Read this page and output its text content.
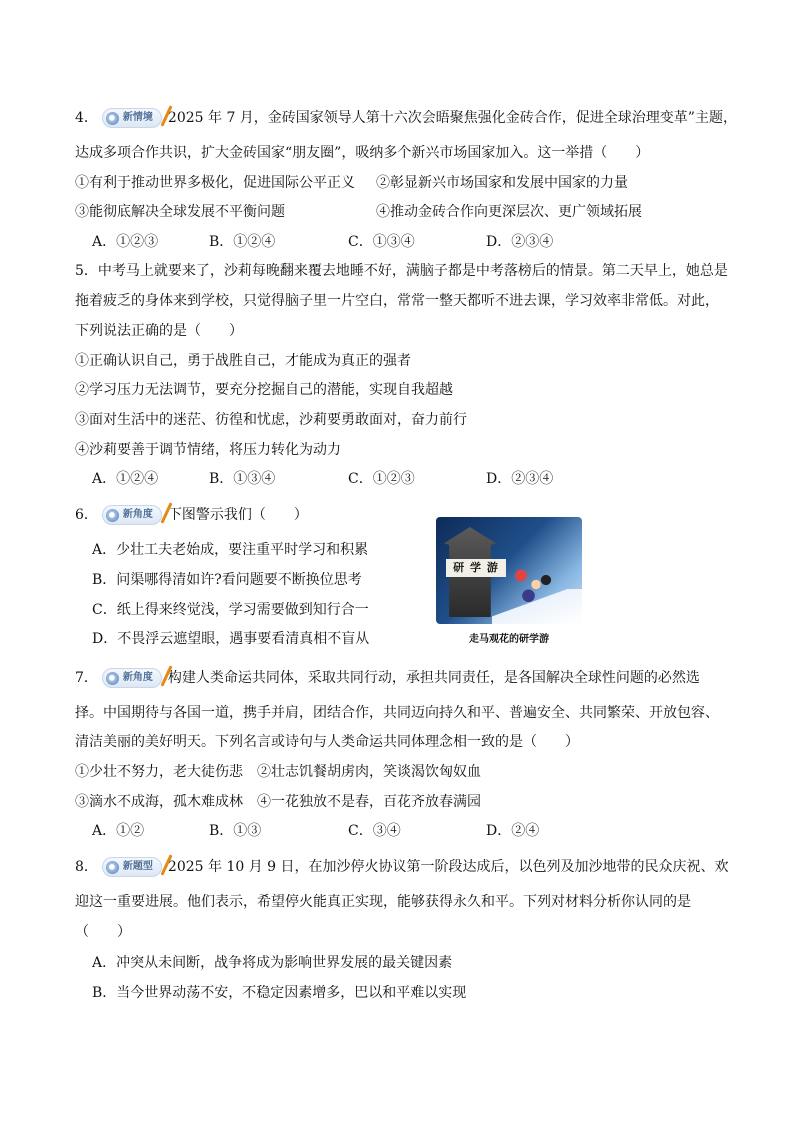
4．	新情境 2025 年 7 月，金砖国家领导人第十六次会晤聚焦强化金砖合作，促进全球治理变革”主题，
达成多项合作共识，扩大金砖国家“朋友圈”，吸纳多个新兴市场国家加入。这一举措（　　）
①有利于推动世界多极化，促进国际公平正义 ②彰显新兴市场国家和发展中国家的力量
③能彻底解决全球发展不平衡问题	④推动金砖合作向更深层次、更广领域拓展
A．①②③	B．①②④	C．①③④	D．②③④
5．中考马上就要来了，沙莉每晚翻来覆去地睡不好，满脑子都是中考落榜后的情景。第二天早上，她总是
拖着疲乏的身体来到学校，只觉得脑子里一片空白，常常一整天都听不进去课，学习效率非常低。对此，
下列说法正确的是（　　）
①正确认识自己，勇于战胜自己，才能成为真正的强者
②学习压力无法调节，要充分挖掘自己的潜能，实现自我超越
③面对生活中的迷茫、彷徨和忧虑，沙莉要勇敢面对，奋力前行
④沙莉要善于调节情绪，将压力转化为动力
A．①②④	B．①③④	C．①②③	D．②③④
6．	新角度 下图警示我们（　　）
A．少壮工夫老始成，要注重平时学习和积累
B．问渠哪得清如许?看问题要不断换位思考
C．纸上得来终觉浅，学习需要做到知行合一
D．不畏浮云遮望眼，遇事要看清真相不盲从
研 学 游
走马观花的研学游
7．	新角度 构建人类命运共同体，采取共同行动，承担共同责任，是各国解决全球性问题的必然选
择。中国期待与各国一道，携手并肩，团结合作，共同迈向持久和平、普遍安全、共同繁荣、开放包容、
清洁美丽的美好明天。下列名言或诗句与人类命运共同体理念相一致的是（　　）
①少壮不努力，老大徒伤悲　②壮志饥餐胡虏肉，笑谈渴饮匈奴血
③滴水不成海，孤木难成林　④一花独放不是春，百花齐放春满园
A．①②	B．①③	C．③④	D．②④
8．	新题型 2025 年 10 月 9 日，在加沙停火协议第一阶段达成后，以色列及加沙地带的民众庆祝、欢
迎这一重要进展。他们表示，希望停火能真正实现，能够获得永久和平。下列对材料分析你认同的是
（　　）
A．冲突从未间断，战争将成为影响世界发展的最关键因素
B．当今世界动荡不安，不稳定因素增多，巴以和平难以实现
